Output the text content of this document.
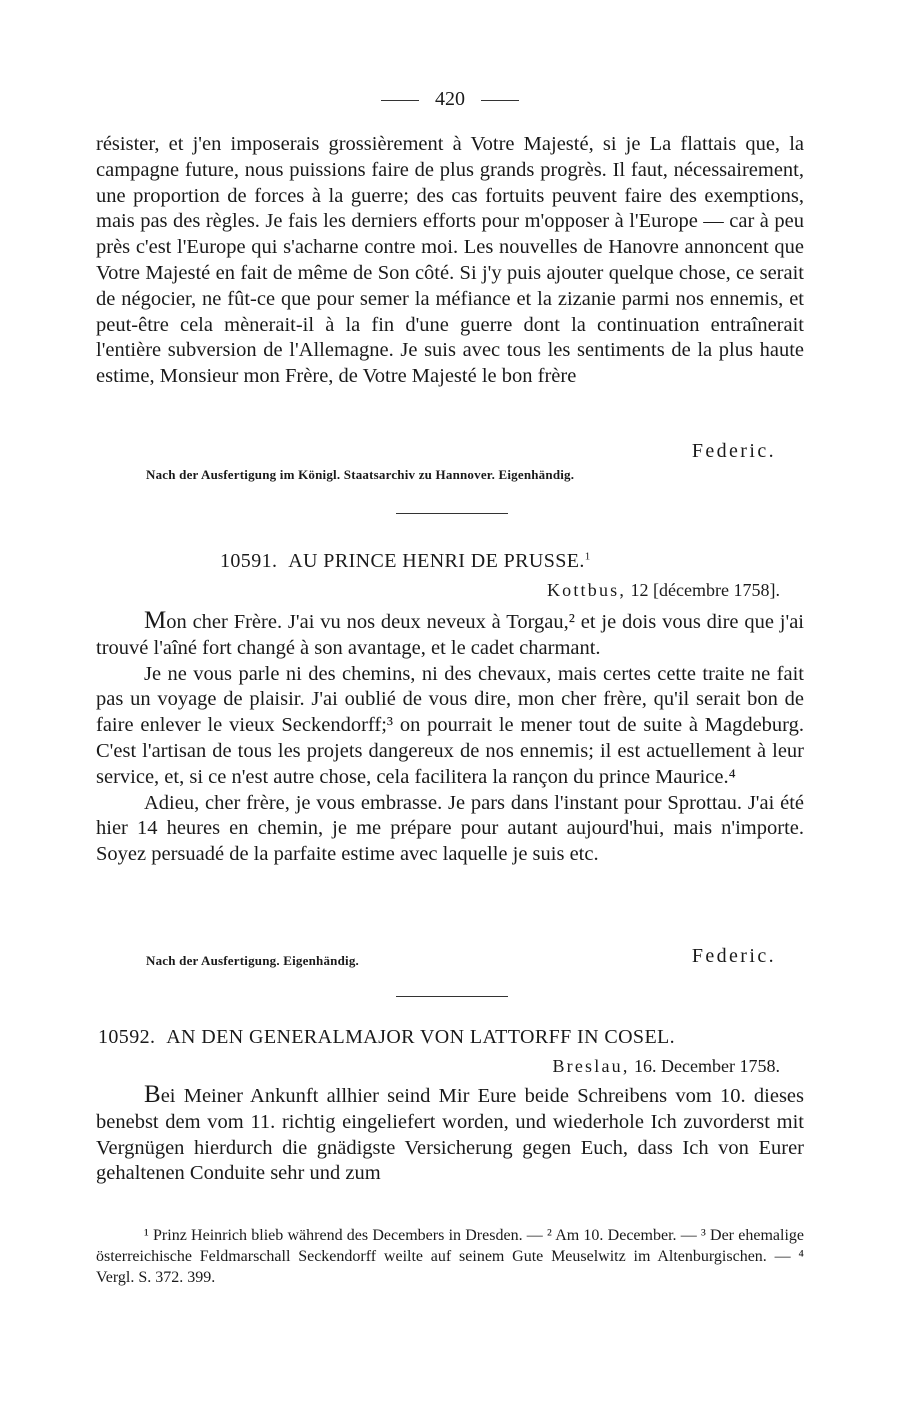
420

résister, et j'en imposerais grossièrement à Votre Majesté, si je La flattais que, la campagne future, nous puissions faire de plus grands progrès. Il faut, nécessairement, une proportion de forces à la guerre; des cas fortuits peuvent faire des exemptions, mais pas des règles. Je fais les derniers efforts pour m'opposer à l'Europe — car à peu près c'est l'Europe qui s'acharne contre moi. Les nouvelles de Hanovre annoncent que Votre Majesté en fait de même de Son côté. Si j'y puis ajouter quelque chose, ce serait de négocier, ne fût-ce que pour semer la méfiance et la zizanie parmi nos ennemis, et peut-être cela mènerait-il à la fin d'une guerre dont la continuation entraînerait l'entière subversion de l'Allemagne. Je suis avec tous les sentiments de la plus haute estime, Monsieur mon Frère, de Votre Majesté le bon frère

Federic.
Nach der Ausfertigung im Königl. Staatsarchiv zu Hannover. Eigenhändig.
10591. AU PRINCE HENRI DE PRUSSE.$^1$
Kottbus, 12 [décembre 1758].

Mon cher Frère. J'ai vu nos deux neveux à Torgau,² et je dois vous dire que j'ai trouvé l'aîné fort changé à son avantage, et le cadet charmant.

Je ne vous parle ni des chemins, ni des chevaux, mais certes cette traite ne fait pas un voyage de plaisir. J'ai oublié de vous dire, mon cher frère, qu'il serait bon de faire enlever le vieux Seckendorff;³ on pourrait le mener tout de suite à Magdeburg. C'est l'artisan de tous les projets dangereux de nos ennemis; il est actuellement à leur service, et, si ce n'est autre chose, cela facilitera la rançon du prince Maurice.⁴

Adieu, cher frère, je vous embrasse. Je pars dans l'instant pour Sprottau. J'ai été hier 14 heures en chemin, je me prépare pour autant aujourd'hui, mais n'importe. Soyez persuadé de la parfaite estime avec laquelle je suis etc.

Nach der Ausfertigung. Eigenhändig.	Federic.
10592. AN DEN GENERALMAJOR VON LATTORFF IN COSEL.
Breslau, 16. December 1758.

Bei Meiner Ankunft allhier seind Mir Eure beide Schreibens vom 10. dieses benebst dem vom 11. richtig eingeliefert worden, und wiederhole Ich zuvorderst mit Vergnügen hierdurch die gnädigste Versicherung gegen Euch, dass Ich von Eurer gehaltenen Conduite sehr und zum

¹ Prinz Heinrich blieb während des Decembers in Dresden. — ² Am 10. December. — ³ Der ehemalige österreichische Feldmarschall Seckendorff weilte auf seinem Gute Meuselwitz im Altenburgischen. — ⁴ Vergl. S. 372. 399.
